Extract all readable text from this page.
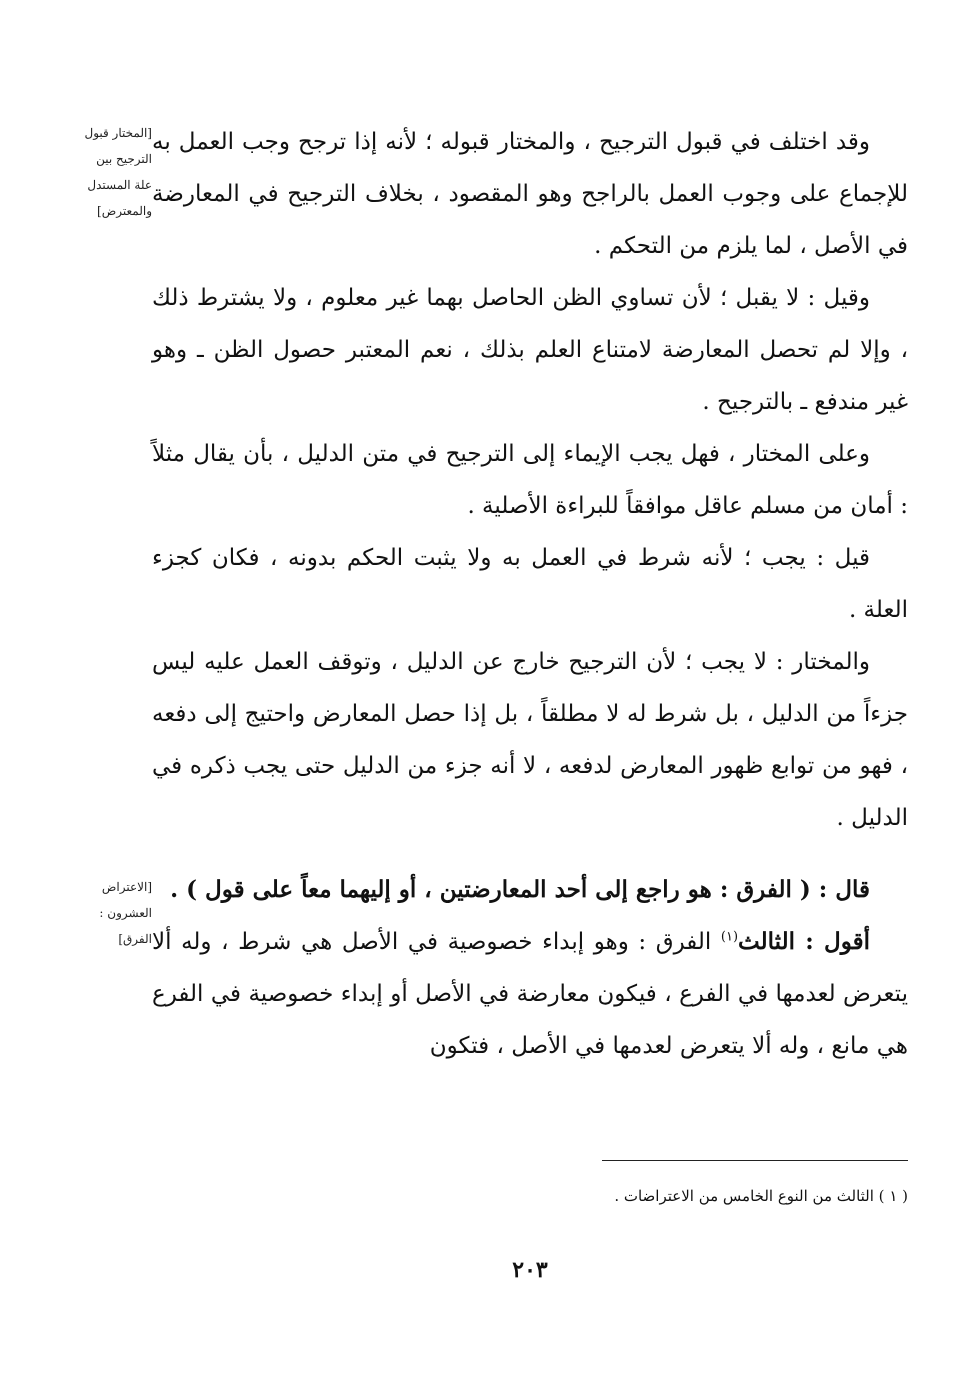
[المختار قبول
الترجيح بين
علة المستدل
والمعترض]
[الاعتراض
العشرون :
الفرق]

وقد اختلف في قبول الترجيح ، والمختار قبوله ؛ لأنه إذا ترجح وجب العمل به للإجماع على وجوب العمل بالراجح وهو المقصود ، بخلاف الترجيح في المعارضة في الأصل ، لما يلزم من التحكم .

وقيل : لا يقبل ؛ لأن تساوي الظن الحاصل بهما غير معلوم ، ولا يشترط ذلك ، وإلا لم تحصل المعارضة لامتناع العلم بذلك ، نعم المعتبر حصول الظن ـ وهو غير مندفع ـ بالترجيح .

وعلى المختار ، فهل يجب الإيماء إلى الترجيح في متن الدليل ، بأن يقال مثلاً : أمان من مسلم عاقل موافقاً للبراءة الأصلية .

قيل : يجب ؛ لأنه شرط في العمل به ولا يثبت الحكم بدونه ، فكان كجزء العلة .

والمختار : لا يجب ؛ لأن الترجيح خارج عن الدليل ، وتوقف العمل عليه ليس جزءاً من الدليل ، بل شرط له لا مطلقاً ، بل إذا حصل المعارض واحتيج إلى دفعه ، فهو من توابع ظهور المعارض لدفعه ، لا أنه جزء من الدليل حتى يجب ذكره في الدليل .

قال : ( الفرق : هو راجع إلى أحد المعارضتين ، أو إليهما معاً على قول ) .

أقول : الثالث$^{(١)}$ الفرق : وهو إبداء خصوصية في الأصل هي شرط ، وله ألا يتعرض لعدمها في الفرع ، فيكون معارضة في الأصل أو إبداء خصوصية في الفرع هي مانع ، وله ألا يتعرض لعدمها في الأصل ، فتكون

( ١ ) الثالث من النوع الخامس من الاعتراضات .
٢٠٣
